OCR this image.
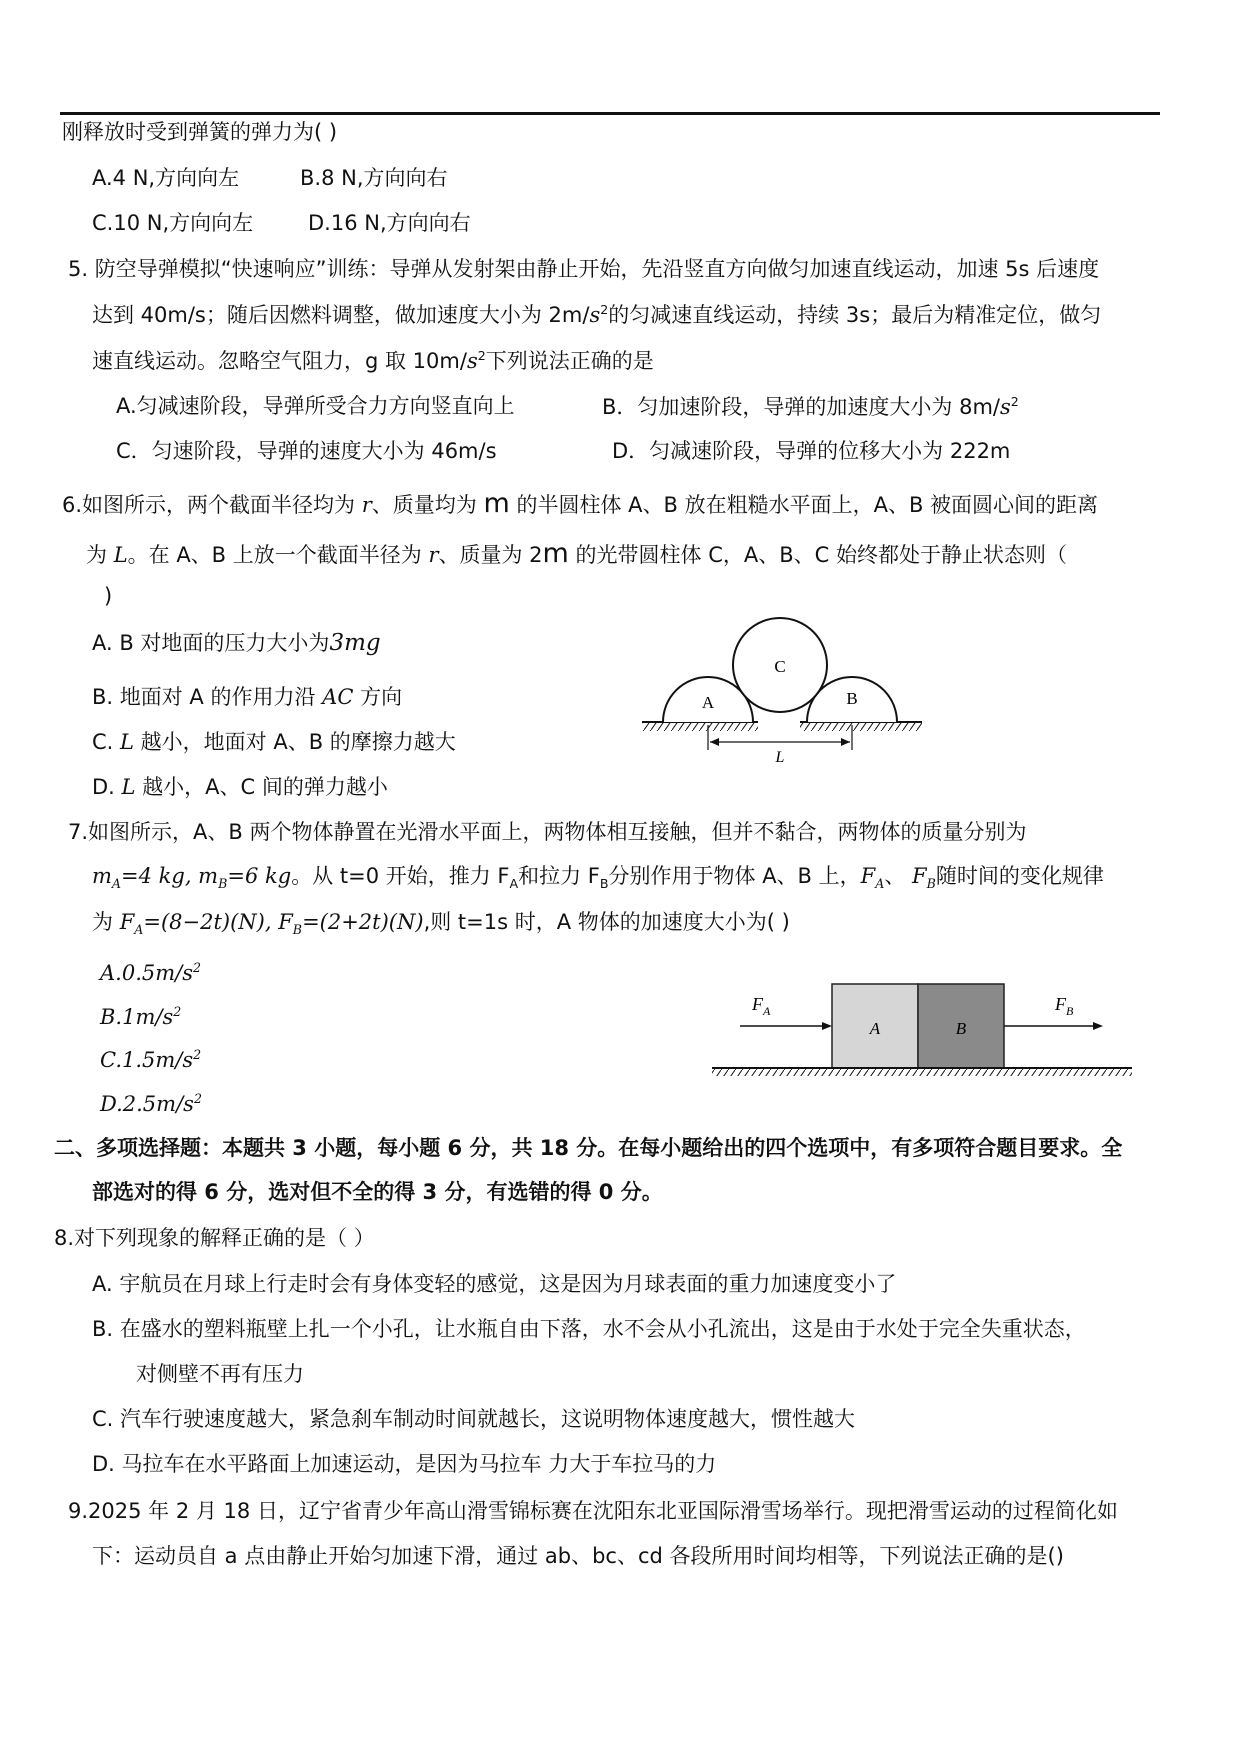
刚释放时受到弹簧的弹力为( )
A.4 N,方向向左	B.8 N,方向向右
C.10 N,方向向左	D.16 N,方向向右
5. 防空导弹模拟“快速响应”训练：导弹从发射架由静止开始，先沿竖直方向做匀加速直线运动，加速 5s 后速度
达到 40m/s；随后因燃料调整，做加速度大小为 $2m/s^2$的匀减速直线运动，持续 3s；最后为精准定位，做匀
速直线运动。忽略空气阻力，g 取 $10m/s^2$下列说法正确的是
A.匀减速阶段，导弹所受合力方向竖直向上	B．匀加速阶段，导弹的加速度大小为 $8m/s^2$
C．匀速阶段，导弹的速度大小为 46m/s	D．匀减速阶段，导弹的位移大小为 222m
6.如图所示，两个截面半径均为 r、质量均为 m 的半圆柱体 A、B 放在粗糙水平面上，A、B 被面圆心间的距离
为 L。在 A、B 上放一个截面半径为 r、质量为 2m 的光带圆柱体 C，A、B、C 始终都处于静止状态则（
)
A. B 对地面的压力大小为3mg
B. 地面对 A 的作用力沿 AC 方向
C. L 越小，地面对 A、B 的摩擦力越大
D. L 越小，A、C 间的弹力越小
C
A	B
L
7.如图所示，A、B 两个物体静置在光滑水平面上，两物体相互接触，但并不黏合，两物体的质量分别为
$m_A=4$ kg, $m_B=6$ kg。从 t=0 开始，推力 $F_A$和拉力 $F_B$分别作用于物体 A、B 上，$F_A$、 $F_B$随时间的变化规律
为 $F_A=(8-2t)(N)$, $F_B=(2+2t)(N)$,则 t=1s 时，A 物体的加速度大小为( )
$A.0.5m/s^2$
$B.1m/s^2$
$C.1.5m/s^2$
$D.2.5m/s^2$
A	B
$F_A$	$F_B$
二、多项选择题：本题共 3 小题，每小题 6 分，共 18 分。在每小题给出的四个选项中，有多项符合题目要求。全
部选对的得 6 分，选对但不全的得 3 分，有选错的得 0 分。
8.对下列现象的解释正确的是（ ）
A. 宇航员在月球上行走时会有身体变轻的感觉，这是因为月球表面的重力加速度变小了
B. 在盛水的塑料瓶壁上扎一个小孔，让水瓶自由下落，水不会从小孔流出，这是由于水处于完全失重状态，
对侧壁不再有压力
C. 汽车行驶速度越大，紧急刹车制动时间就越长，这说明物体速度越大，惯性越大
D. 马拉车在水平路面上加速运动，是因为马拉车 力大于车拉马的力
9.2025 年 2 月 18 日，辽宁省青少年高山滑雪锦标赛在沈阳东北亚国际滑雪场举行。现把滑雪运动的过程简化如
下：运动员自 a 点由静止开始匀加速下滑，通过 ab、bc、cd 各段所用时间均相等，下列说法正确的是()
